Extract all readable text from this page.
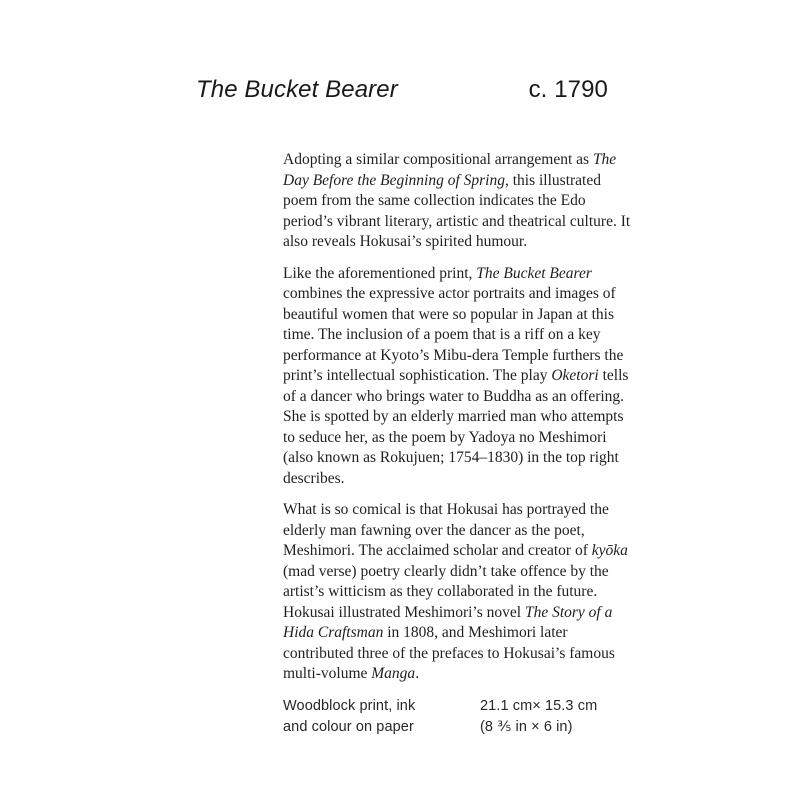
The Bucket Bearer	c. 1790

Adopting a similar compositional arrangement as The Day Before the Beginning of Spring, this illustrated poem from the same collection indicates the Edo period’s vibrant literary, artistic and theatrical culture. It also reveals Hokusai’s spirited humour.

Like the aforementioned print, The Bucket Bearer combines the expressive actor portraits and images of beautiful women that were so popular in Japan at this time. The inclusion of a poem that is a riff on a key performance at Kyoto’s Mibu-dera Temple furthers the print’s intellectual sophistication. The play Oketori tells of a dancer who brings water to Buddha as an offering. She is spotted by an elderly married man who attempts to seduce her, as the poem by Yadoya no Meshimori (also known as Rokujuen; 1754–1830) in the top right describes.

What is so comical is that Hokusai has portrayed the elderly man fawning over the dancer as the poet, Meshimori. The acclaimed scholar and creator of kyōka (mad verse) poetry clearly didn’t take offence by the artist’s witticism as they collaborated in the future. Hokusai illustrated Meshimori’s novel The Story of a Hida Craftsman in 1808, and Meshimori later contributed three of the prefaces to Hokusai’s famous multi-volume Manga.

Woodblock print, ink
and colour on paper
21.1 cm× 15.3 cm
(8 ⅗ in × 6 in)
